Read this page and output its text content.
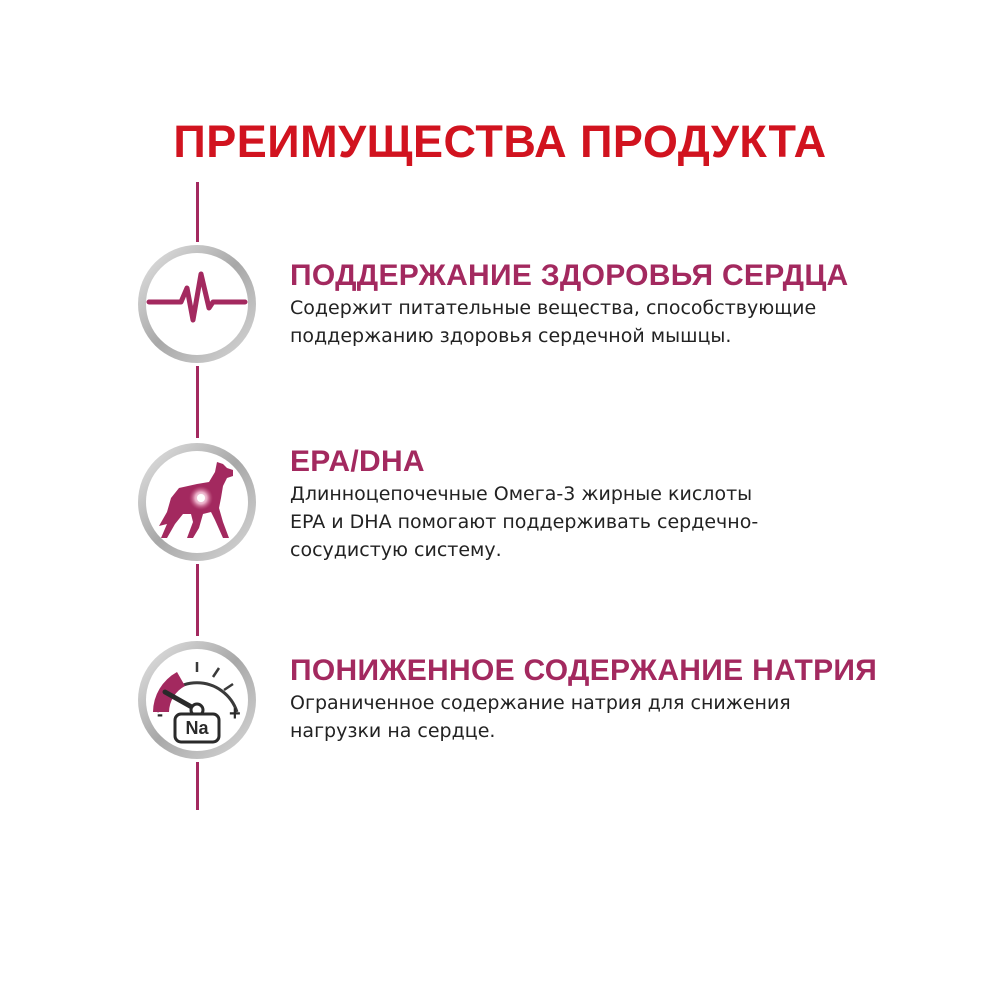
ПРЕИМУЩЕСТВА ПРОДУКТА
-	+
Na
ПОДДЕРЖАНИЕ ЗДОРОВЬЯ СЕРДЦА
Содержит питательные вещества, способствующие
поддержанию здоровья сердечной мышцы.
EPA/DHA
Длинноцепочечные Омега-3 жирные кислоты
EPA и DHA помогают поддерживать сердечно-
сосудистую систему.
ПОНИЖЕННОЕ СОДЕРЖАНИЕ НАТРИЯ
Ограниченное содержание натрия для снижения
нагрузки на сердце.
